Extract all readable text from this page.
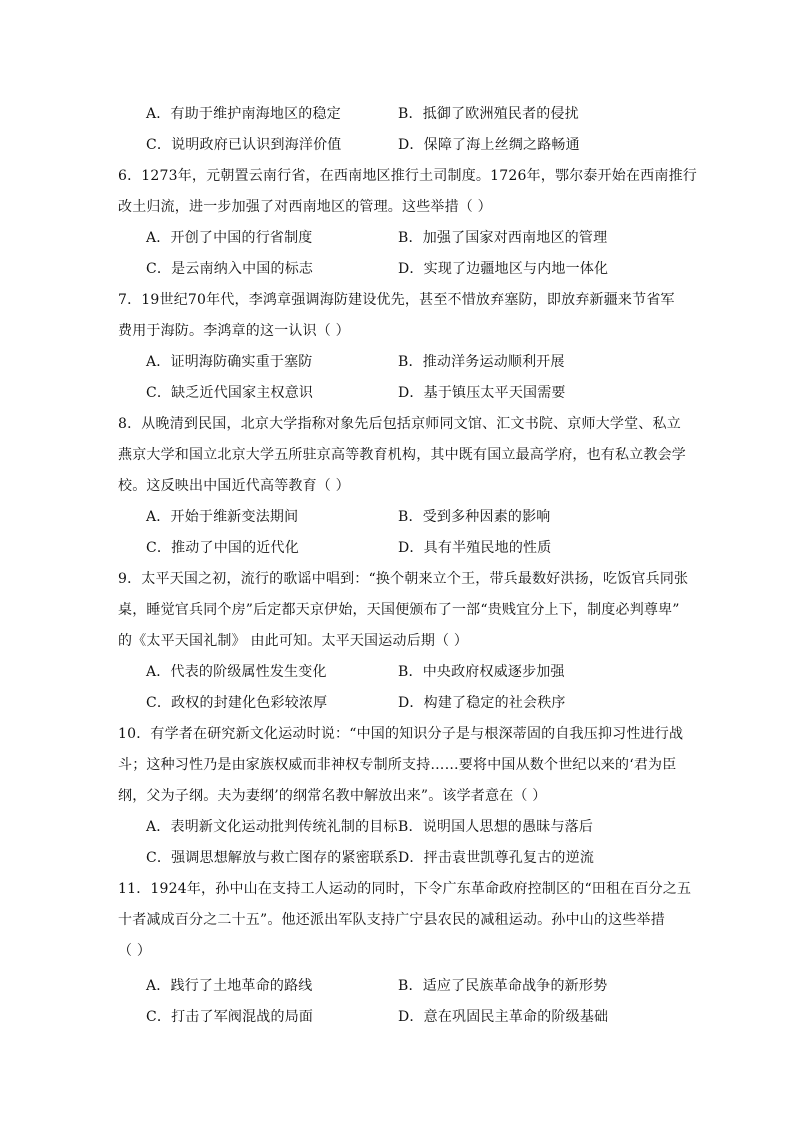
A．有助于维护南海地区的稳定	B．抵御了欧洲殖民者的侵扰
C．说明政府已认识到海洋价值	D．保障了海上丝绸之路畅通
6．1273年，元朝置云南行省，在西南地区推行土司制度。1726年，鄂尔泰开始在西南推行
改土归流，进一步加强了对西南地区的管理。这些举措（ ）
A．开创了中国的行省制度	B．加强了国家对西南地区的管理
C．是云南纳入中国的标志	D．实现了边疆地区与内地一体化
7．19世纪70年代，李鸿章强调海防建设优先，甚至不惜放弃塞防，即放弃新疆来节省军
费用于海防。李鸿章的这一认识（ ）
A．证明海防确实重于塞防	B．推动洋务运动顺利开展
C．缺乏近代国家主权意识	D．基于镇压太平天国需要
8．从晚清到民国，北京大学指称对象先后包括京师同文馆、汇文书院、京师大学堂、私立
燕京大学和国立北京大学五所驻京高等教育机构，其中既有国立最高学府，也有私立教会学
校。这反映出中国近代高等教育（ ）
A．开始于维新变法期间	B．受到多种因素的影响
C．推动了中国的近代化	D．具有半殖民地的性质
9．太平天国之初，流行的歌谣中唱到：“换个朝来立个王，带兵最数好洪扬，吃饭官兵同张
桌，睡觉官兵同个房”后定都天京伊始，天国便颁布了一部“贵贱宜分上下，制度必判尊卑”
的《太平天国礼制》 由此可知。太平天国运动后期（ ）
A．代表的阶级属性发生变化	B．中央政府权威逐步加强
C．政权的封建化色彩较浓厚	D．构建了稳定的社会秩序
10．有学者在研究新文化运动时说：“中国的知识分子是与根深蒂固的自我压抑习性进行战
斗；这种习性乃是由家族权威而非神权专制所支持……要将中国从数个世纪以来的‘君为臣
纲，父为子纲。夫为妻纲’的纲常名教中解放出来”。该学者意在（ ）
A．表明新文化运动批判传统礼制的目标 B．说明国人思想的愚昧与落后
C．强调思想解放与救亡图存的紧密联系 D．抨击袁世凯尊孔复古的逆流
11．1924年，孙中山在支持工人运动的同时，下令广东革命政府控制区的“田租在百分之五
十者减成百分之二十五”。他还派出军队支持广宁县农民的减租运动。孙中山的这些举措
（ ）
A．践行了土地革命的路线	B．适应了民族革命战争的新形势
C．打击了军阀混战的局面	D．意在巩固民主革命的阶级基础
